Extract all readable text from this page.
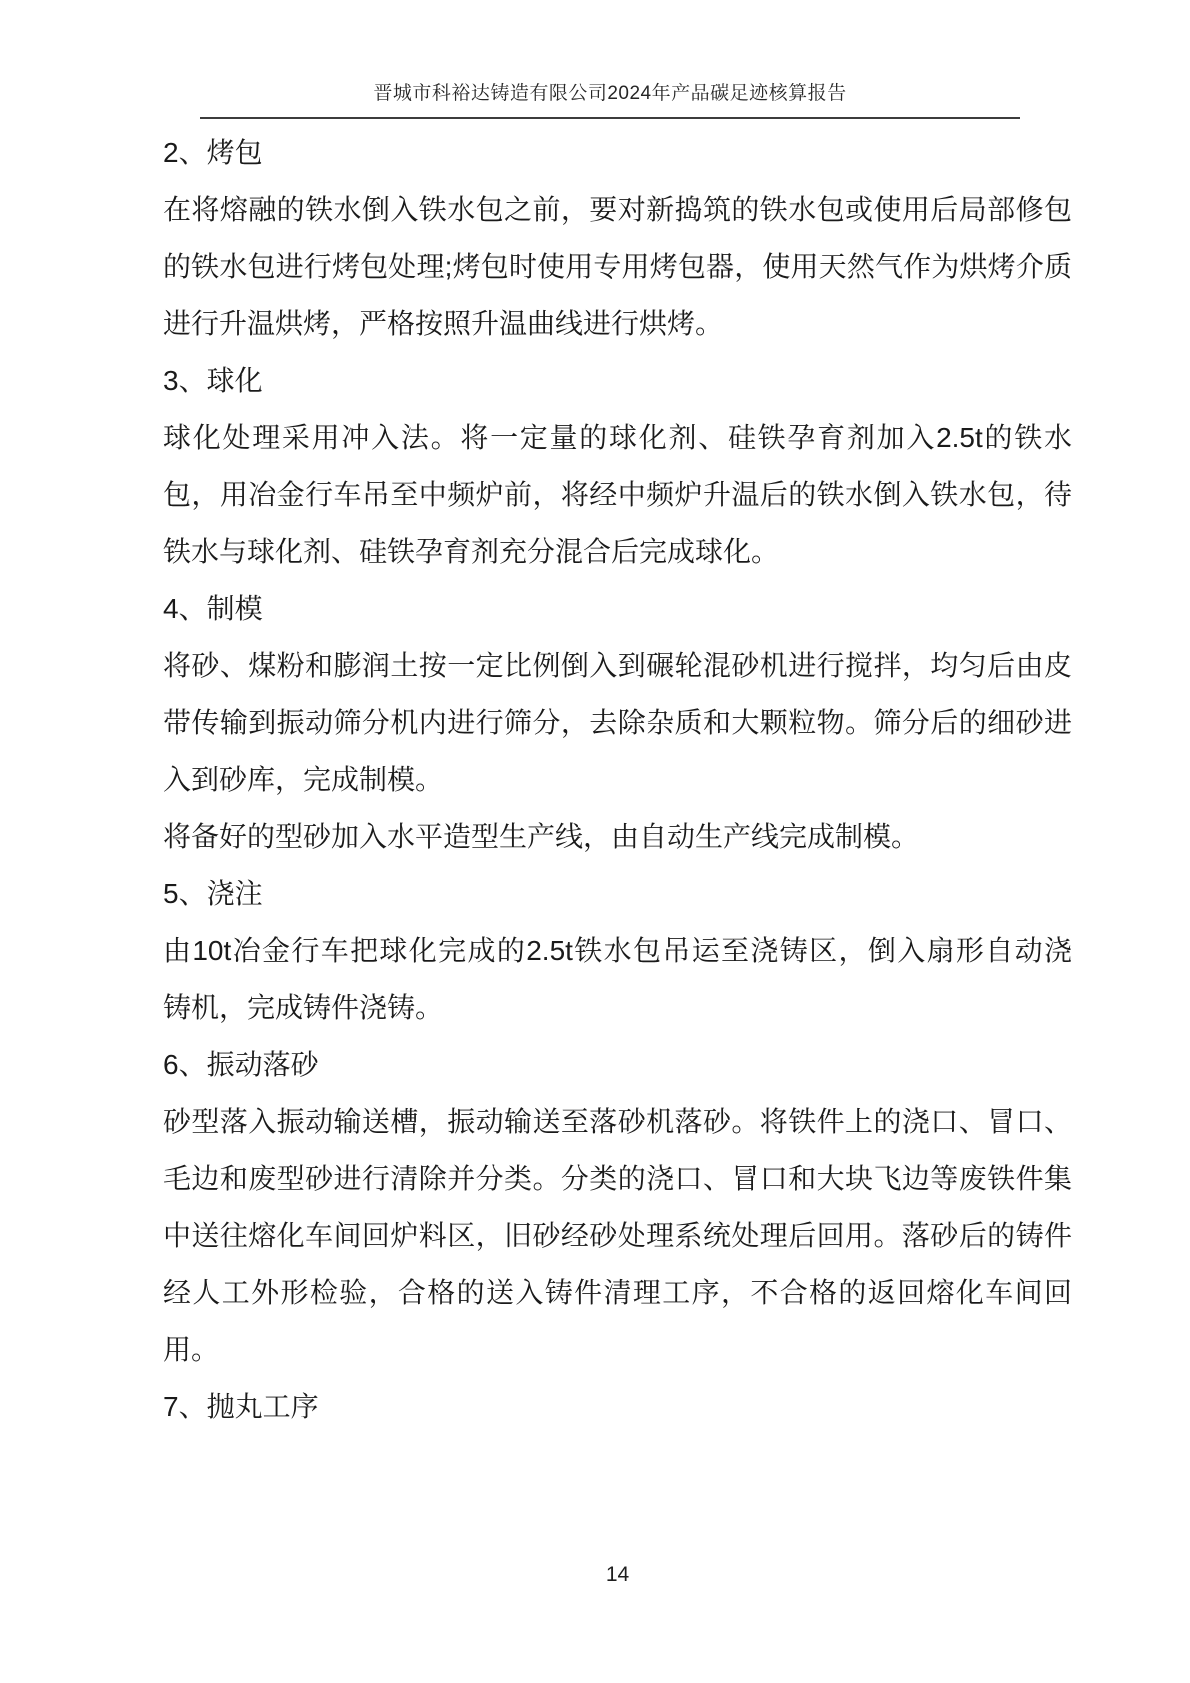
晋城市科裕达铸造有限公司2024年产品碳足迹核算报告
2、烤包
在将熔融的铁水倒入铁水包之前，要对新捣筑的铁水包或使用后局部修包
的铁水包进行烤包处理;烤包时使用专用烤包器，使用天然气作为烘烤介质
进行升温烘烤，严格按照升温曲线进行烘烤。
3、球化
球化处理采用冲入法。将一定量的球化剂、硅铁孕育剂加入2.5t的铁水
包，用冶金行车吊至中频炉前，将经中频炉升温后的铁水倒入铁水包，待
铁水与球化剂、硅铁孕育剂充分混合后完成球化。
4、制模
将砂、煤粉和膨润土按一定比例倒入到碾轮混砂机进行搅拌，均匀后由皮
带传输到振动筛分机内进行筛分，去除杂质和大颗粒物。筛分后的细砂进
入到砂库，完成制模。
将备好的型砂加入水平造型生产线，由自动生产线完成制模。
5、浇注
由10t冶金行车把球化完成的2.5t铁水包吊运至浇铸区，倒入扇形自动浇
铸机，完成铸件浇铸。
6、振动落砂
砂型落入振动输送槽，振动输送至落砂机落砂。将铁件上的浇口、冒口、
毛边和废型砂进行清除并分类。分类的浇口、冒口和大块飞边等废铁件集
中送往熔化车间回炉料区，旧砂经砂处理系统处理后回用。落砂后的铸件
经人工外形检验，合格的送入铸件清理工序，不合格的返回熔化车间回
用。
7、抛丸工序
14
